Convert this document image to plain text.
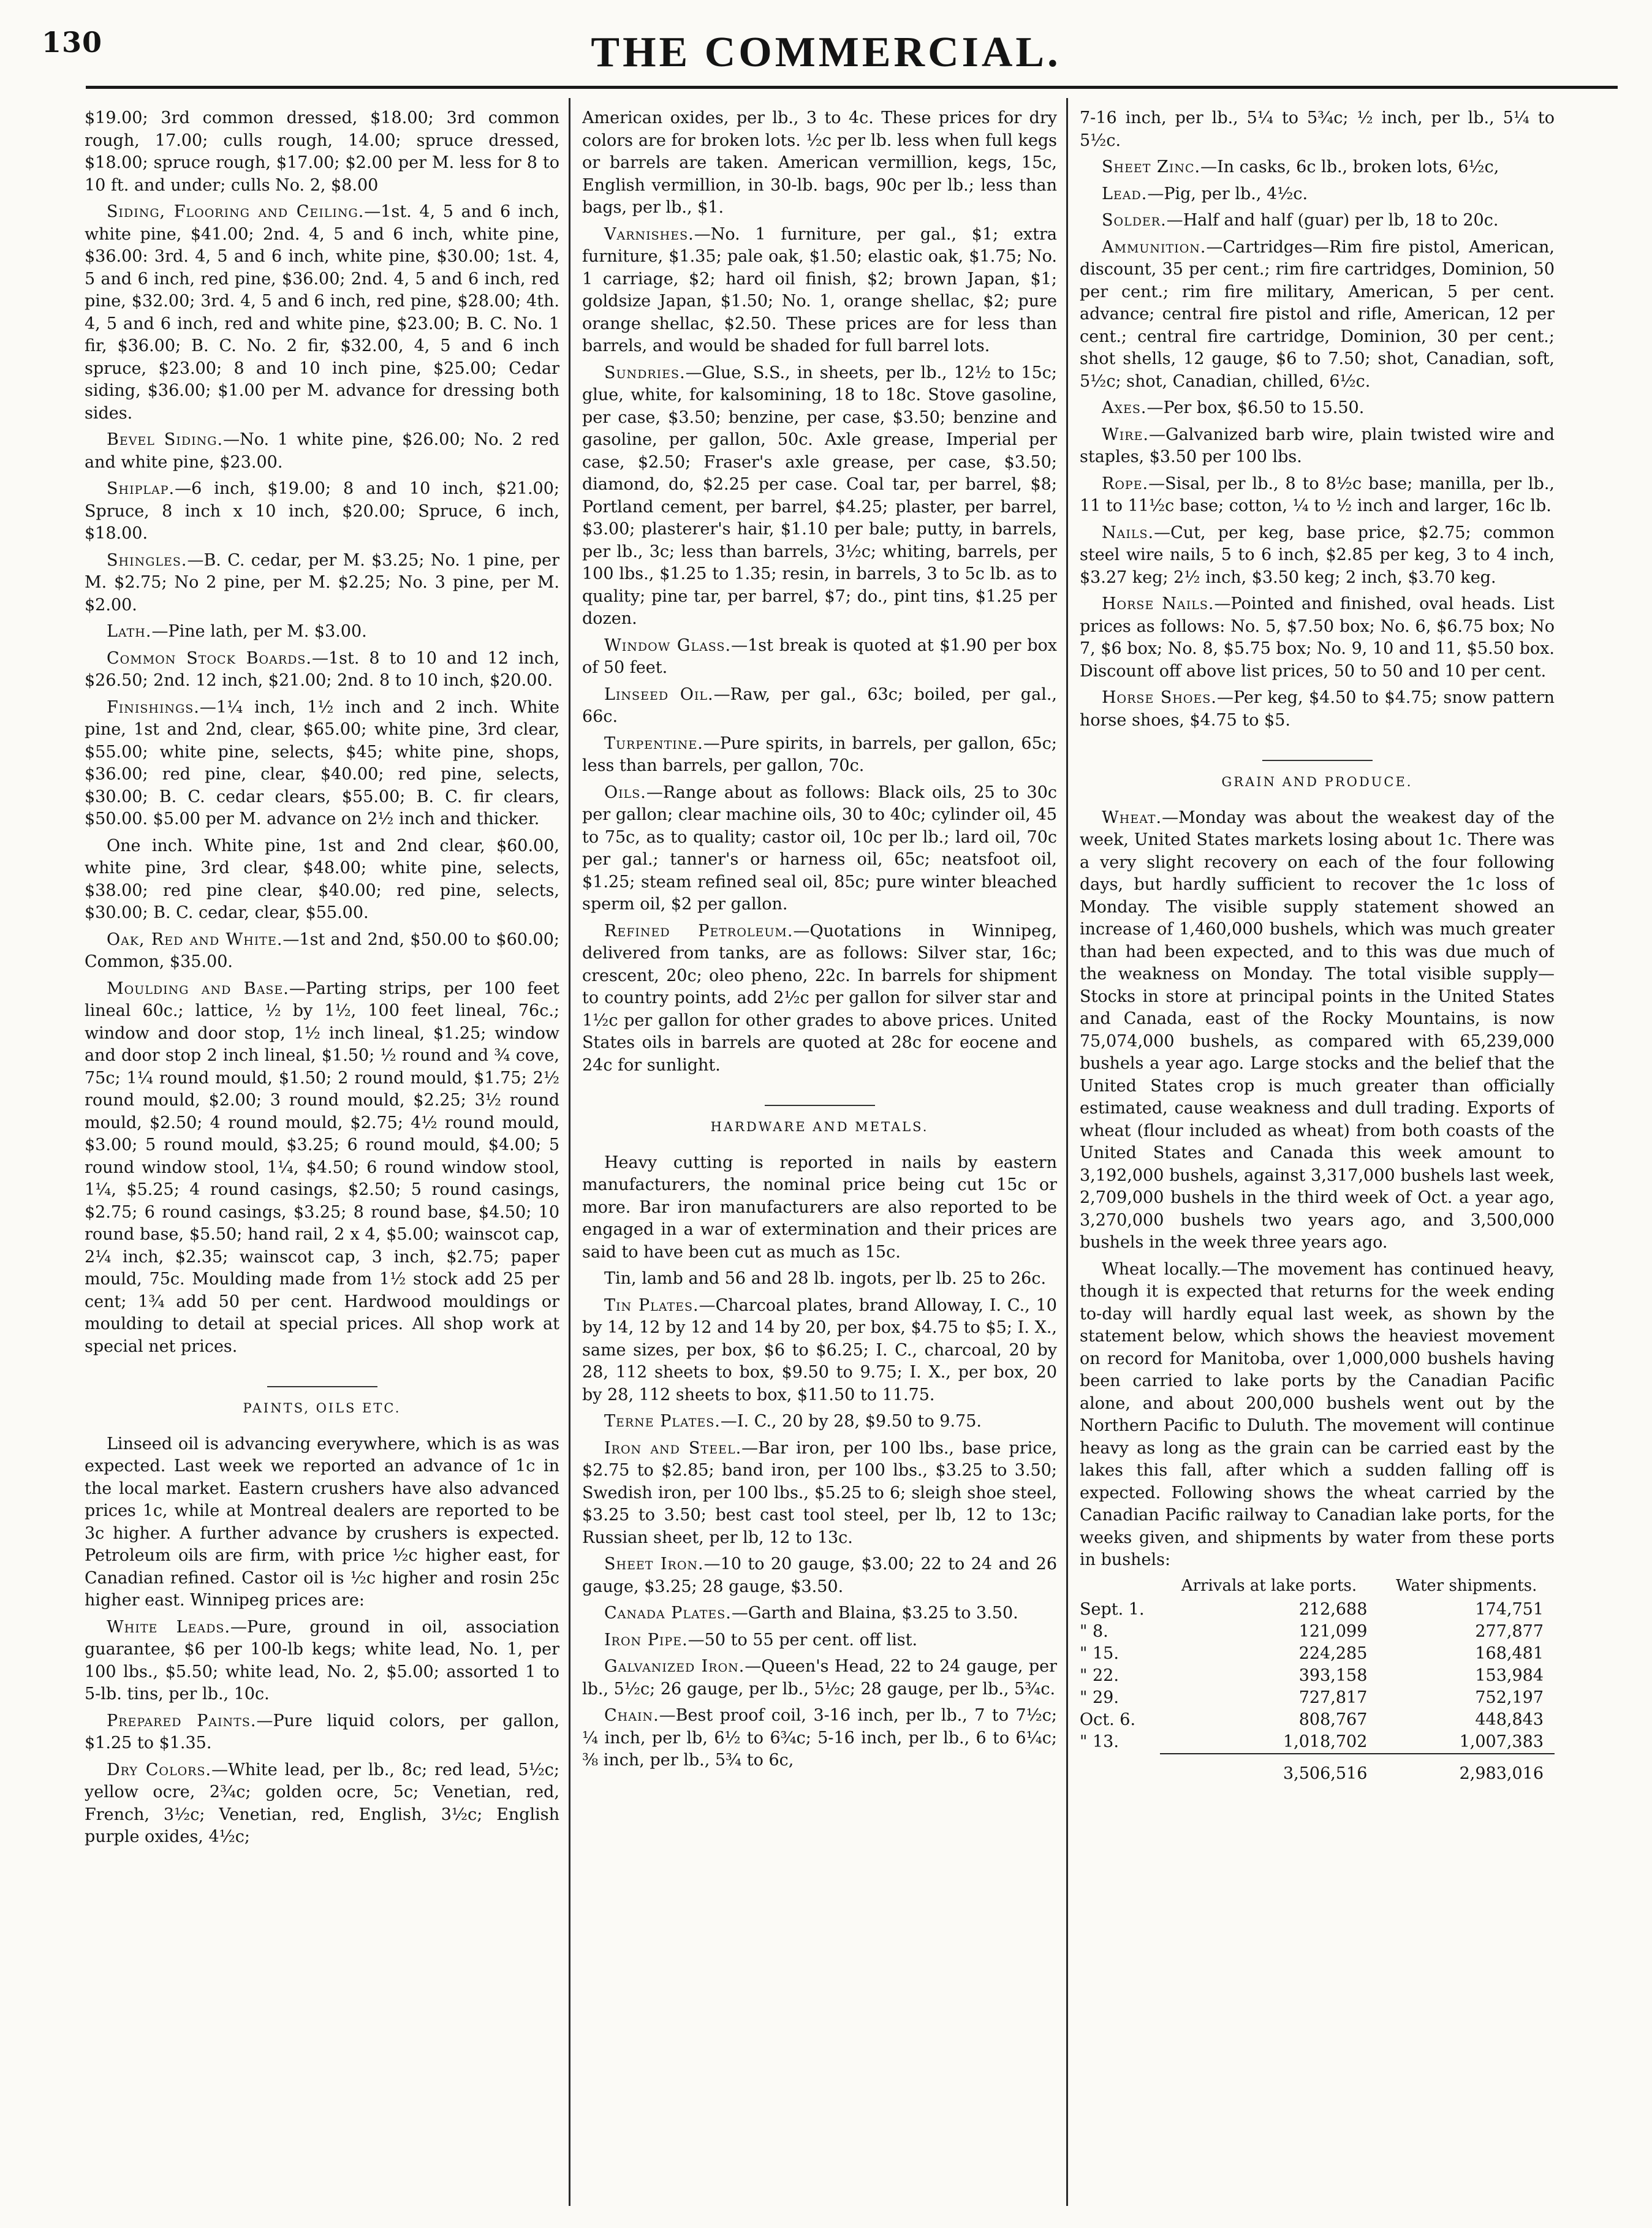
130	THE COMMERCIAL.

$19.00; 3rd common dressed, $18.00; 3rd common rough, 17.00; culls rough, 14.00; spruce dressed, $18.00; spruce rough, $17.00; $2.00 per M. less for 8 to 10 ft. and under; culls No. 2, $8.00

Siding, Flooring and Ceiling.—1st. 4, 5 and 6 inch, white pine, $41.00; 2nd. 4, 5 and 6 inch, white pine, $36.00: 3rd. 4, 5 and 6 inch, white pine, $30.00; 1st. 4, 5 and 6 inch, red pine, $36.00; 2nd. 4, 5 and 6 inch, red pine, $32.00; 3rd. 4, 5 and 6 inch, red pine, $28.00; 4th. 4, 5 and 6 inch, red and white pine, $23.00; B. C. No. 1 fir, $36.00; B. C. No. 2 fir, $32.00, 4, 5 and 6 inch spruce, $23.00; 8 and 10 inch pine, $25.00; Cedar siding, $36.00; $1.00 per M. advance for dressing both sides.

Bevel Siding.—No. 1 white pine, $26.00; No. 2 red and white pine, $23.00.

Shiplap.—6 inch, $19.00; 8 and 10 inch, $21.00; Spruce, 8 inch x 10 inch, $20.00; Spruce, 6 inch, $18.00.

Shingles.—B. C. cedar, per M. $3.25; No. 1 pine, per M. $2.75; No 2 pine, per M. $2.25; No. 3 pine, per M. $2.00.

Lath.—Pine lath, per M. $3.00.

Common Stock Boards.—1st. 8 to 10 and 12 inch, $26.50; 2nd. 12 inch, $21.00; 2nd. 8 to 10 inch, $20.00.

Finishings.—1¼ inch, 1½ inch and 2 inch. White pine, 1st and 2nd, clear, $65.00; white pine, 3rd clear, $55.00; white pine, selects, $45; white pine, shops, $36.00; red pine, clear, $40.00; red pine, selects, $30.00; B. C. cedar clears, $55.00; B. C. fir clears, $50.00. $5.00 per M. advance on 2½ inch and thicker.

One inch. White pine, 1st and 2nd clear, $60.00, white pine, 3rd clear, $48.00; white pine, selects, $38.00; red pine clear, $40.00; red pine, selects, $30.00; B. C. cedar, clear, $55.00.

Oak, Red and White.—1st and 2nd, $50.00 to $60.00; Common, $35.00.

Moulding and Base.—Parting strips, per 100 feet lineal 60c.; lattice, ½ by 1½, 100 feet lineal, 76c.; window and door stop, 1½ inch lineal, $1.25; window and door stop 2 inch lineal, $1.50; ½ round and ¾ cove, 75c; 1¼ round mould, $1.50; 2 round mould, $1.75; 2½ round mould, $2.00; 3 round mould, $2.25; 3½ round mould, $2.50; 4 round mould, $2.75; 4½ round mould, $3.00; 5 round mould, $3.25; 6 round mould, $4.00; 5 round window stool, 1¼, $4.50; 6 round window stool, 1¼, $5.25; 4 round casings, $2.50; 5 round casings, $2.75; 6 round casings, $3.25; 8 round base, $4.50; 10 round base, $5.50; hand rail, 2 x 4, $5.00; wainscot cap, 2¼ inch, $2.35; wainscot cap, 3 inch, $2.75; paper mould, 75c. Moulding made from 1½ stock add 25 per cent; 1¾ add 50 per cent. Hardwood mouldings or moulding to detail at special prices. All shop work at special net prices.

PAINTS, OILS ETC.

Linseed oil is advancing everywhere, which is as was expected. Last week we reported an advance of 1c in the local market. Eastern crushers have also advanced prices 1c, while at Montreal dealers are reported to be 3c higher. A further advance by crushers is expected. Petroleum oils are firm, with price ½c higher east, for Canadian refined. Castor oil is ½c higher and rosin 25c higher east. Winnipeg prices are:

White Leads.—Pure, ground in oil, association guarantee, $6 per 100-lb kegs; white lead, No. 1, per 100 lbs., $5.50; white lead, No. 2, $5.00; assorted 1 to 5-lb. tins, per lb., 10c.

Prepared Paints.—Pure liquid colors, per gallon, $1.25 to $1.35.

Dry Colors.—White lead, per lb., 8c; red lead, 5½c; yellow ocre, 2¾c; golden ocre, 5c; Venetian, red, French, 3½c; Venetian, red, English, 3½c; English purple oxides, 4½c;

American oxides, per lb., 3 to 4c. These prices for dry colors are for broken lots. ½c per lb. less when full kegs or barrels are taken. American vermillion, kegs, 15c, English vermillion, in 30-lb. bags, 90c per lb.; less than bags, per lb., $1.

Varnishes.—No. 1 furniture, per gal., $1; extra furniture, $1.35; pale oak, $1.50; elastic oak, $1.75; No. 1 carriage, $2; hard oil finish, $2; brown Japan, $1; goldsize Japan, $1.50; No. 1, orange shellac, $2; pure orange shellac, $2.50. These prices are for less than barrels, and would be shaded for full barrel lots.

Sundries.—Glue, S.S., in sheets, per lb., 12½ to 15c; glue, white, for kalsomining, 18 to 18c. Stove gasoline, per case, $3.50; benzine, per case, $3.50; benzine and gasoline, per gallon, 50c. Axle grease, Imperial per case, $2.50; Fraser's axle grease, per case, $3.50; diamond, do, $2.25 per case. Coal tar, per barrel, $8; Portland cement, per barrel, $4.25; plaster, per barrel, $3.00; plasterer's hair, $1.10 per bale; putty, in barrels, per lb., 3c; less than barrels, 3½c; whiting, barrels, per 100 lbs., $1.25 to 1.35; resin, in barrels, 3 to 5c lb. as to quality; pine tar, per barrel, $7; do., pint tins, $1.25 per dozen.

Window Glass.—1st break is quoted at $1.90 per box of 50 feet.

Linseed Oil.—Raw, per gal., 63c; boiled, per gal., 66c.

Turpentine.—Pure spirits, in barrels, per gallon, 65c; less than barrels, per gallon, 70c.

Oils.—Range about as follows: Black oils, 25 to 30c per gallon; clear machine oils, 30 to 40c; cylinder oil, 45 to 75c, as to quality; castor oil, 10c per lb.; lard oil, 70c per gal.; tanner's or harness oil, 65c; neatsfoot oil, $1.25; steam refined seal oil, 85c; pure winter bleached sperm oil, $2 per gallon.

Refined Petroleum.—Quotations in Winnipeg, delivered from tanks, are as follows: Silver star, 16c; crescent, 20c; oleo pheno, 22c. In barrels for shipment to country points, add 2½c per gallon for silver star and 1½c per gallon for other grades to above prices. United States oils in barrels are quoted at 28c for eocene and 24c for sunlight.

HARDWARE AND METALS.

Heavy cutting is reported in nails by eastern manufacturers, the nominal price being cut 15c or more. Bar iron manufacturers are also reported to be engaged in a war of extermination and their prices are said to have been cut as much as 15c.

Tin, lamb and 56 and 28 lb. ingots, per lb. 25 to 26c.

Tin Plates.—Charcoal plates, brand Alloway, I. C., 10 by 14, 12 by 12 and 14 by 20, per box, $4.75 to $5; I. X., same sizes, per box, $6 to $6.25; I. C., charcoal, 20 by 28, 112 sheets to box, $9.50 to 9.75; I. X., per box, 20 by 28, 112 sheets to box, $11.50 to 11.75.

Terne Plates.—I. C., 20 by 28, $9.50 to 9.75.

Iron and Steel.—Bar iron, per 100 lbs., base price, $2.75 to $2.85; band iron, per 100 lbs., $3.25 to 3.50; Swedish iron, per 100 lbs., $5.25 to 6; sleigh shoe steel, $3.25 to 3.50; best cast tool steel, per lb, 12 to 13c; Russian sheet, per lb, 12 to 13c.

Sheet Iron.—10 to 20 gauge, $3.00; 22 to 24 and 26 gauge, $3.25; 28 gauge, $3.50.

Canada Plates.—Garth and Blaina, $3.25 to 3.50.

Iron Pipe.—50 to 55 per cent. off list.

Galvanized Iron.—Queen's Head, 22 to 24 gauge, per lb., 5½c; 26 gauge, per lb., 5½c; 28 gauge, per lb., 5¾c.

Chain.—Best proof coil, 3-16 inch, per lb., 7 to 7½c; ¼ inch, per lb, 6½ to 6¾c; 5-16 inch, per lb., 6 to 6¼c; ⅜ inch, per lb., 5¾ to 6c,

7-16 inch, per lb., 5¼ to 5¾c; ½ inch, per lb., 5¼ to 5½c.

Sheet Zinc.—In casks, 6c lb., broken lots, 6½c,

Lead.—Pig, per lb., 4½c.

Solder.—Half and half (guar) per lb, 18 to 20c.

Ammunition.—Cartridges—Rim fire pistol, American, discount, 35 per cent.; rim fire cartridges, Dominion, 50 per cent.; rim fire military, American, 5 per cent. advance; central fire pistol and rifle, American, 12 per cent.; central fire cartridge, Dominion, 30 per cent.; shot shells, 12 gauge, $6 to 7.50; shot, Canadian, soft, 5½c; shot, Canadian, chilled, 6½c.

Axes.—Per box, $6.50 to 15.50.

Wire.—Galvanized barb wire, plain twisted wire and staples, $3.50 per 100 lbs.

Rope.—Sisal, per lb., 8 to 8½c base; manilla, per lb., 11 to 11½c base; cotton, ¼ to ½ inch and larger, 16c lb.

Nails.—Cut, per keg, base price, $2.75; common steel wire nails, 5 to 6 inch, $2.85 per keg, 3 to 4 inch, $3.27 keg; 2½ inch, $3.50 keg; 2 inch, $3.70 keg.

Horse Nails.—Pointed and finished, oval heads. List prices as follows: No. 5, $7.50 box; No. 6, $6.75 box; No 7, $6 box; No. 8, $5.75 box; No. 9, 10 and 11, $5.50 box. Discount off above list prices, 50 to 50 and 10 per cent.

Horse Shoes.—Per keg, $4.50 to $4.75; snow pattern horse shoes, $4.75 to $5.

GRAIN AND PRODUCE.

Wheat.—Monday was about the weakest day of the week, United States markets losing about 1c. There was a very slight recovery on each of the four following days, but hardly sufficient to recover the 1c loss of Monday. The visible supply statement showed an increase of 1,460,000 bushels, which was much greater than had been expected, and to this was due much of the weakness on Monday. The total visible supply—Stocks in store at principal points in the United States and Canada, east of the Rocky Mountains, is now 75,074,000 bushels, as compared with 65,239,000 bushels a year ago. Large stocks and the belief that the United States crop is much greater than officially estimated, cause weakness and dull trading. Exports of wheat (flour included as wheat) from both coasts of the United States and Canada this week amount to 3,192,000 bushels, against 3,317,000 bushels last week, 2,709,000 bushels in the third week of Oct. a year ago, 3,270,000 bushels two years ago, and 3,500,000 bushels in the week three years ago.

Wheat locally.—The movement has continued heavy, though it is expected that returns for the week ending to-day will hardly equal last week, as shown by the statement below, which shows the heaviest movement on record for Manitoba, over 1,000,000 bushels having been carried to lake ports by the Canadian Pacific alone, and about 200,000 bushels went out by the Northern Pacific to Duluth. The movement will continue heavy as long as the grain can be carried east by the lakes this fall, after which a sudden falling off is expected. Following shows the wheat carried by the Canadian Pacific railway to Canadian lake ports, for the weeks given, and shipments by water from these ports in bushels:

	Arrivals at lake ports.	Water shipments.
Sept. 1.	212,688	174,751
" 8.	121,099	277,877
" 15.	224,285	168,481
" 22.	393,158	153,984
" 29.	727,817	752,197
Oct. 6.	808,767	448,843
" 13.	1,018,702	1,007,383
	3,506,516	2,983,016
